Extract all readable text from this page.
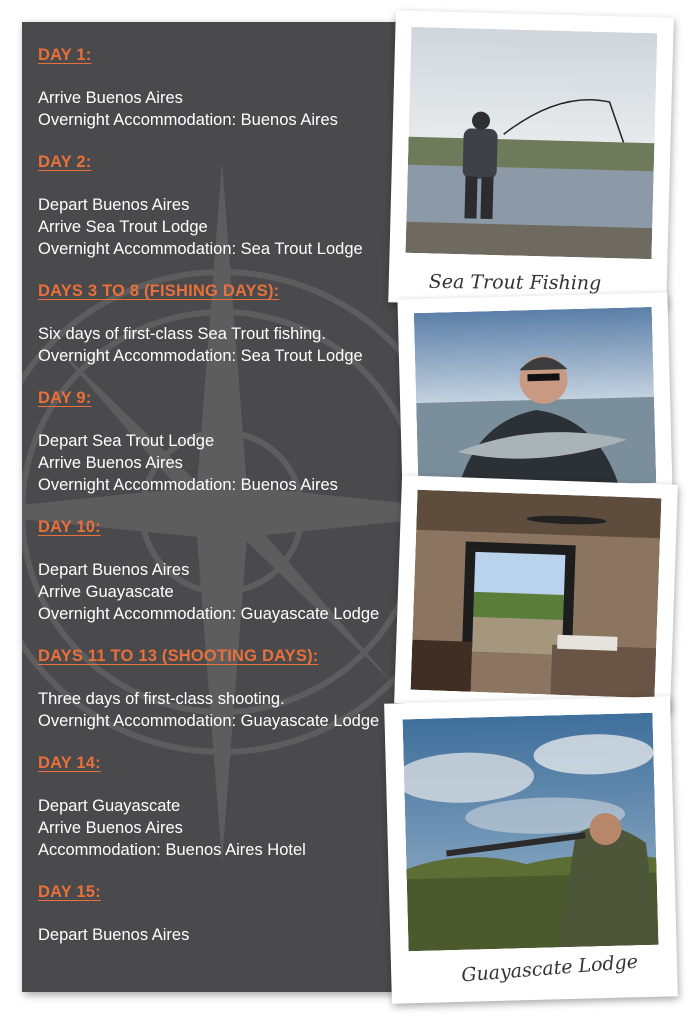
DAY 1:
Arrive Buenos Aires
Overnight Accommodation: Buenos Aires
DAY 2:
Depart Buenos Aires
Arrive Sea Trout Lodge
Overnight Accommodation: Sea Trout Lodge
DAYS 3 TO 8 (FISHING DAYS):
Six days of first-class Sea Trout fishing.
Overnight Accommodation: Sea Trout Lodge
DAY 9:
Depart Sea Trout Lodge
Arrive Buenos Aires
Overnight Accommodation: Buenos Aires
DAY 10:
Depart Buenos Aires
Arrive Guayascate
Overnight Accommodation: Guayascate Lodge
DAYS 11 TO 13 (SHOOTING DAYS):
Three days of first-class shooting.
Overnight Accommodation: Guayascate Lodge
DAY 14:
Depart Guayascate
Arrive Buenos Aires
Accommodation: Buenos Aires Hotel
DAY 15:
Depart Buenos Aires
Sea Trout Fishing
Guayascate Lodge
